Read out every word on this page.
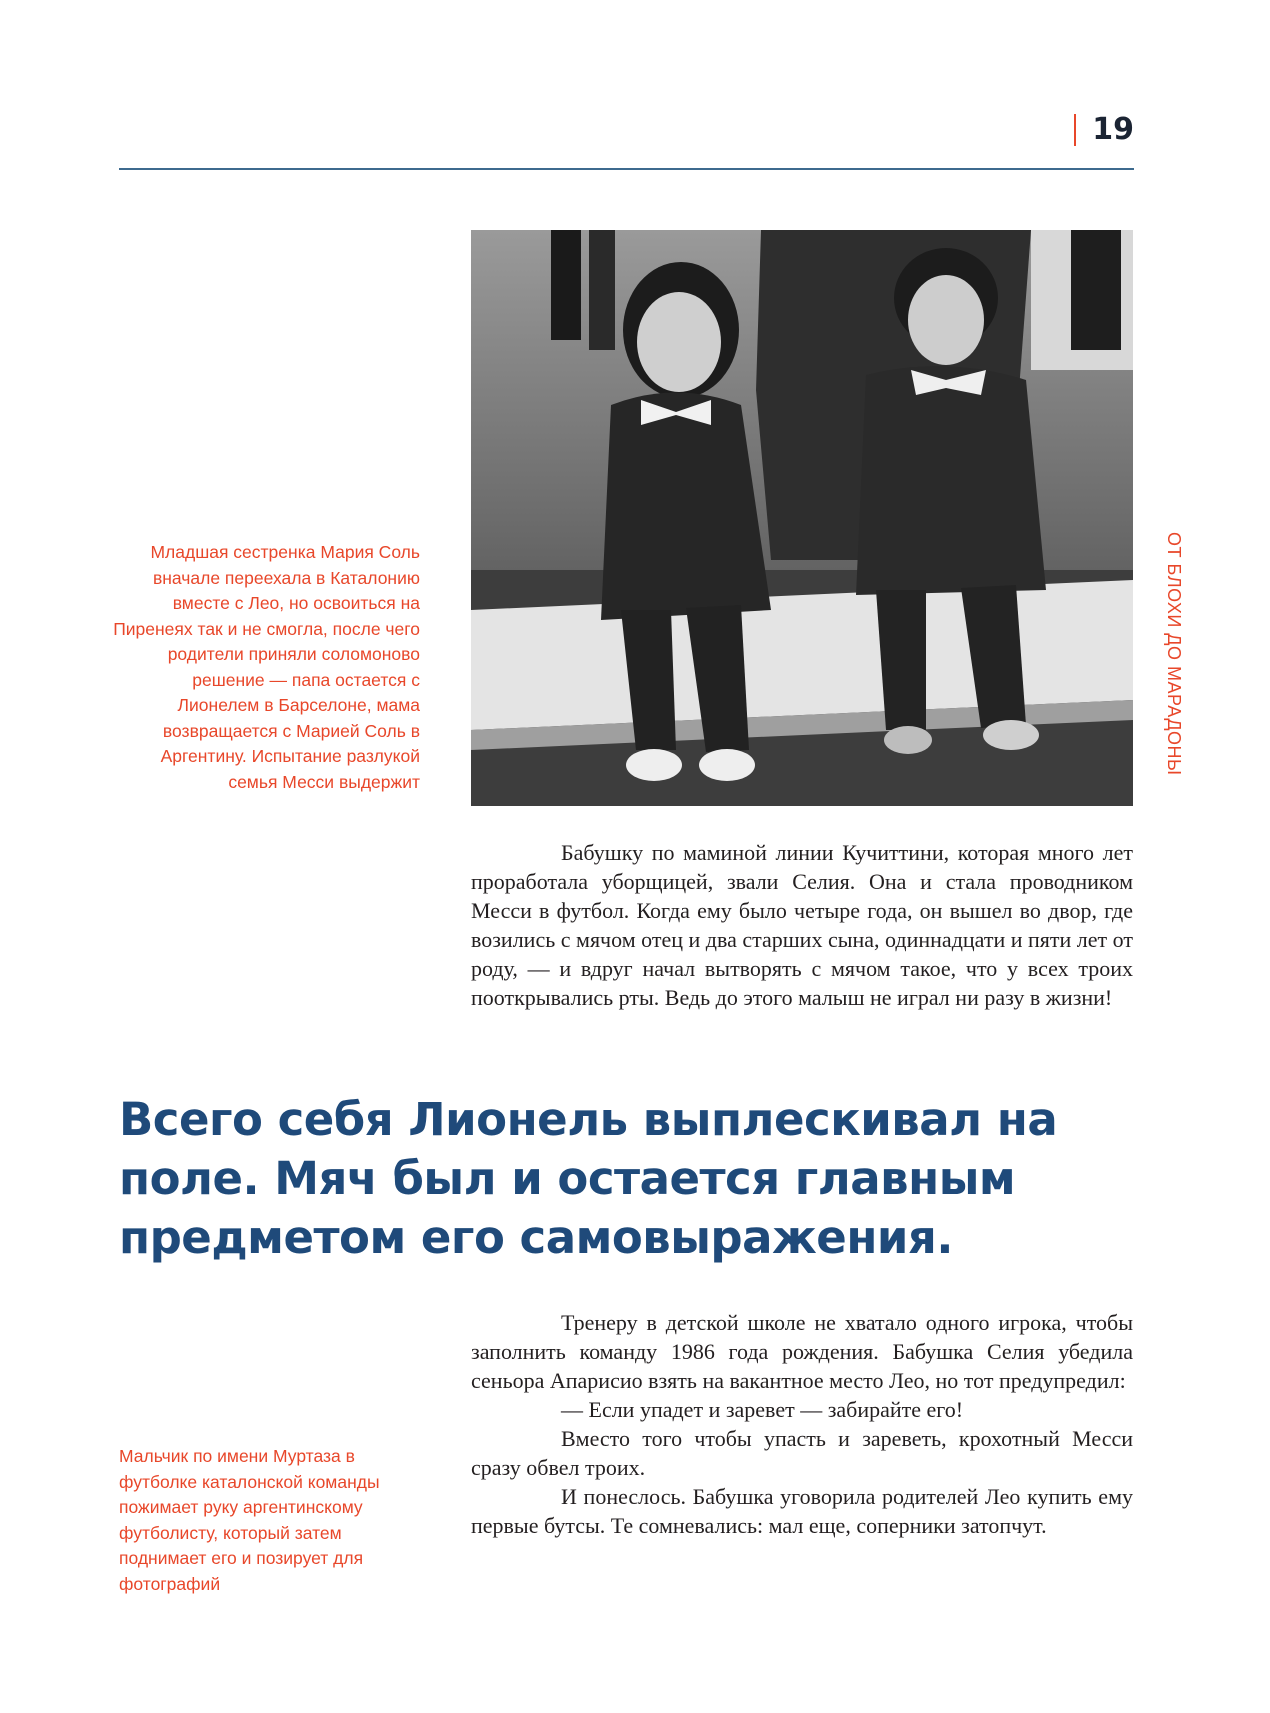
19
ОТ БЛОХИ ДО МАРАДОНЫ
Младшая сестренка Мария Соль вначале переехала в Каталонию вместе с Лео, но освоиться на Пиренеях так и не смогла, после чего родители приняли соломоново решение — папа остается с Лионелем в Барселоне, мама возвращается с Марией Соль в Аргентину. Испытание разлукой семья Месси выдержит

Бабушку по маминой линии Кучиттини, которая много лет проработала уборщицей, звали Селия. Она и стала проводником Месси в футбол. Когда ему было четыре года, он вышел во двор, где возились с мячом отец и два старших сына, одиннадцати и пяти лет от роду, — и вдруг начал вытворять с мячом такое, что у всех троих пооткрывались рты. Ведь до этого малыш не играл ни разу в жизни!

Всего себя Лионель выплескивал на поле. Мяч был и остается главным предметом его самовыражения.

Тренеру в детской школе не хватало одного игрока, чтобы заполнить команду 1986 года рождения. Бабушка Селия убедила сеньора Апарисио взять на вакантное место Лео, но тот предупредил:

— Если упадет и заревет — забирайте его!

Вместо того чтобы упасть и зареветь, крохотный Месси сразу обвел троих.

И понеслось. Бабушка уговорила родителей Лео купить ему первые бутсы. Те сомневались: мал еще, соперники затопчут.

Мальчик по имени Муртаза в футболке каталонской команды пожимает руку аргентинскому футболисту, который затем поднимает его и позирует для фотографий
